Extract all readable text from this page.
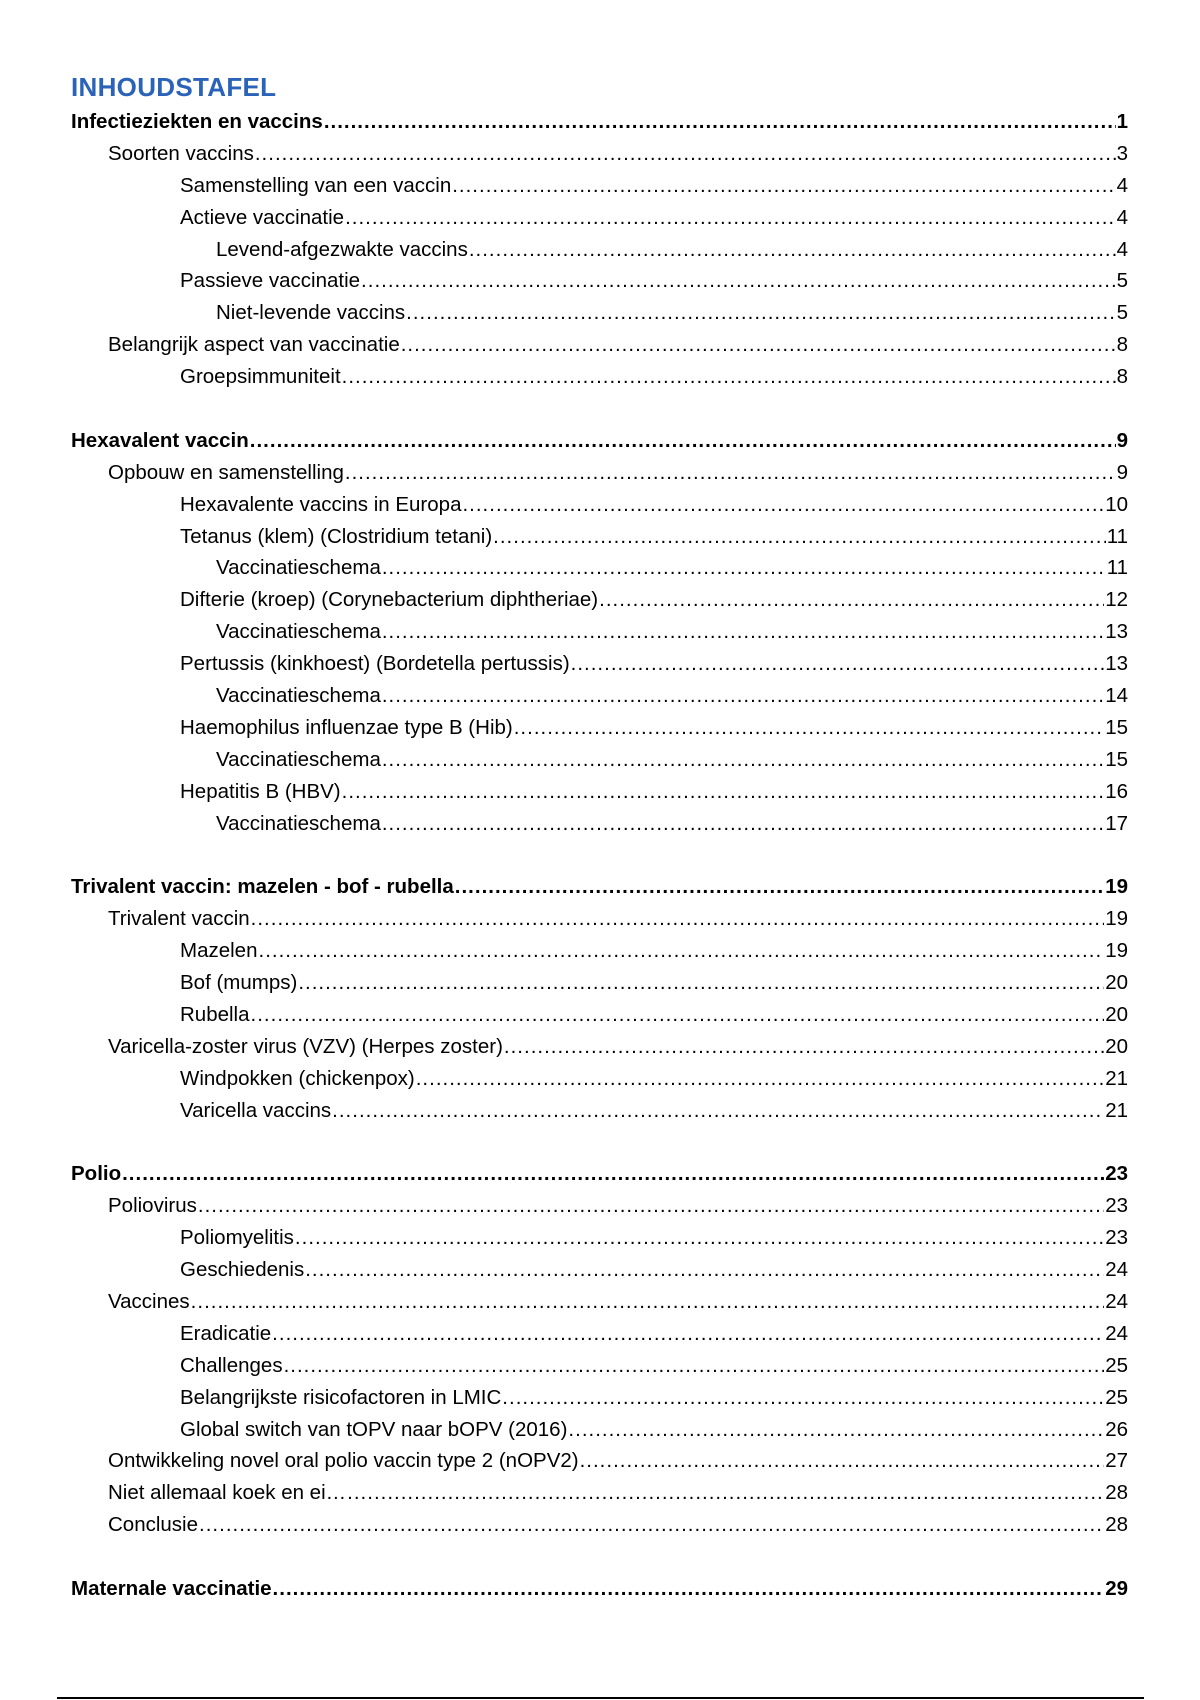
INHOUDSTAFEL
Infectieziekten en vaccins .....	1
Soorten vaccins .....	3
Samenstelling van een vaccin .....	4
Actieve vaccinatie .....	4
Levend-afgezwakte vaccins .....	4
Passieve vaccinatie .....	5
Niet-levende vaccins .....	5
Belangrijk aspect van vaccinatie .....	8
Groepsimmuniteit .....	8
Hexavalent vaccin .....	9
Opbouw en samenstelling .....	9
Hexavalente vaccins in Europa .....	10
Tetanus (klem) (Clostridium tetani) .....	11
Vaccinatieschema .....	11
Difterie (kroep) (Corynebacterium diphtheriae) .....	12
Vaccinatieschema .....	13
Pertussis (kinkhoest) (Bordetella pertussis) .....	13
Vaccinatieschema .....	14
Haemophilus influenzae type B (Hib) .....	15
Vaccinatieschema .....	15
Hepatitis B (HBV) .....	16
Vaccinatieschema .....	17
Trivalent vaccin: mazelen - bof - rubella .....	19
Trivalent vaccin .....	19
Mazelen .....	19
Bof (mumps) .....	20
Rubella .....	20
Varicella-zoster virus (VZV) (Herpes zoster) .....	20
Windpokken (chickenpox) .....	21
Varicella vaccins .....	21
Polio .....	23
Poliovirus .....	23
Poliomyelitis .....	23
Geschiedenis .....	24
Vaccines .....	24
Eradicatie .....	24
Challenges .....	25
Belangrijkste risicofactoren in LMIC .....	25
Global switch van tOPV naar bOPV (2016) .....	26
Ontwikkeling novel oral polio vaccin type 2 (nOPV2) .....	27
Niet allemaal koek en ei… .....	28
Conclusie .....	28
Maternale vaccinatie .....	29
